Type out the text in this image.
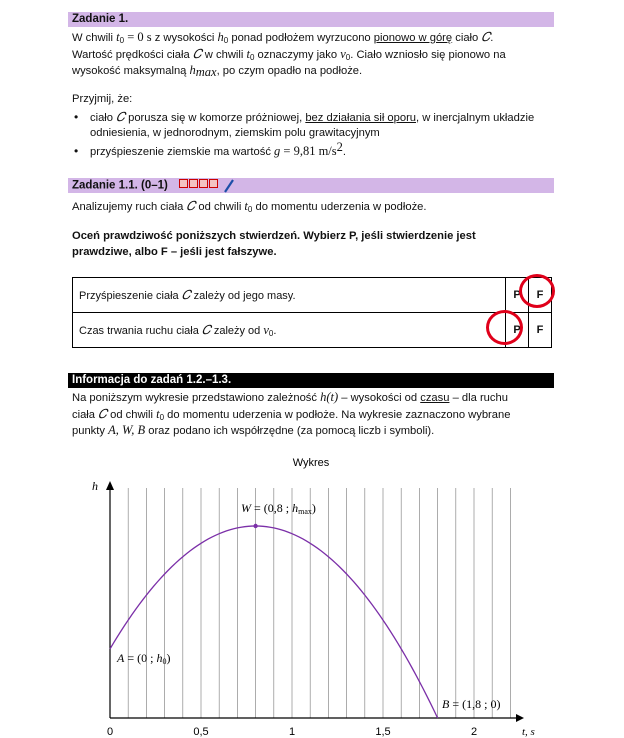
Zadanie 1.
W chwili $t_0 = 0$ s z wysokości $h_0$ ponad podłożem wyrzucono pionowo w górę ciało 𝐶.
Wartość prędkości ciała 𝐶 w chwili $t_0$ oznaczymy jako $v_0$. Ciało wzniosło się pionowo na
wysokość maksymalną $h_{max}$, po czym opadło na podłoże.
Przyjmij, że:
• ciało 𝐶 porusza się w komorze próżniowej, bez działania sił oporu, w inercjalnym układzie
odniesienia, w jednorodnym, ziemskim polu grawitacyjnym
• przyśpieszenie ziemskie ma wartość g = 9,81 $m/s^2$.
Zadanie 1.1. (0–1)
Analizujemy ruch ciała 𝐶 od chwili $t_0$ do momentu uderzenia w podłoże.
Oceń prawdziwość poniższych stwierdzeń. Wybierz P, jeśli stwierdzenie jest
prawdziwe, albo F – jeśli jest fałszywe.
Przyśpieszenie ciała 𝐶 zależy od jego masy.	P	F
Czas trwania ruchu ciała 𝐶 zależy od $v_0$.	P	F
Informacja do zadań 1.2.–1.3.
Na poniższym wykresie przedstawiono zależność h(t) – wysokości od czasu – dla ruchu
ciała 𝐶 od chwili $t_0$ do momentu uderzenia w podłoże. Na wykresie zaznaczono wybrane
punkty A, W, B oraz podano ich współrzędne (za pomocą liczb i symboli).
Wykres
h
t, s
0	0,5	1	1,5	2
A = (0 ; h0)
W = (0,8 ; hmax)
B = (1,8 ; 0)
